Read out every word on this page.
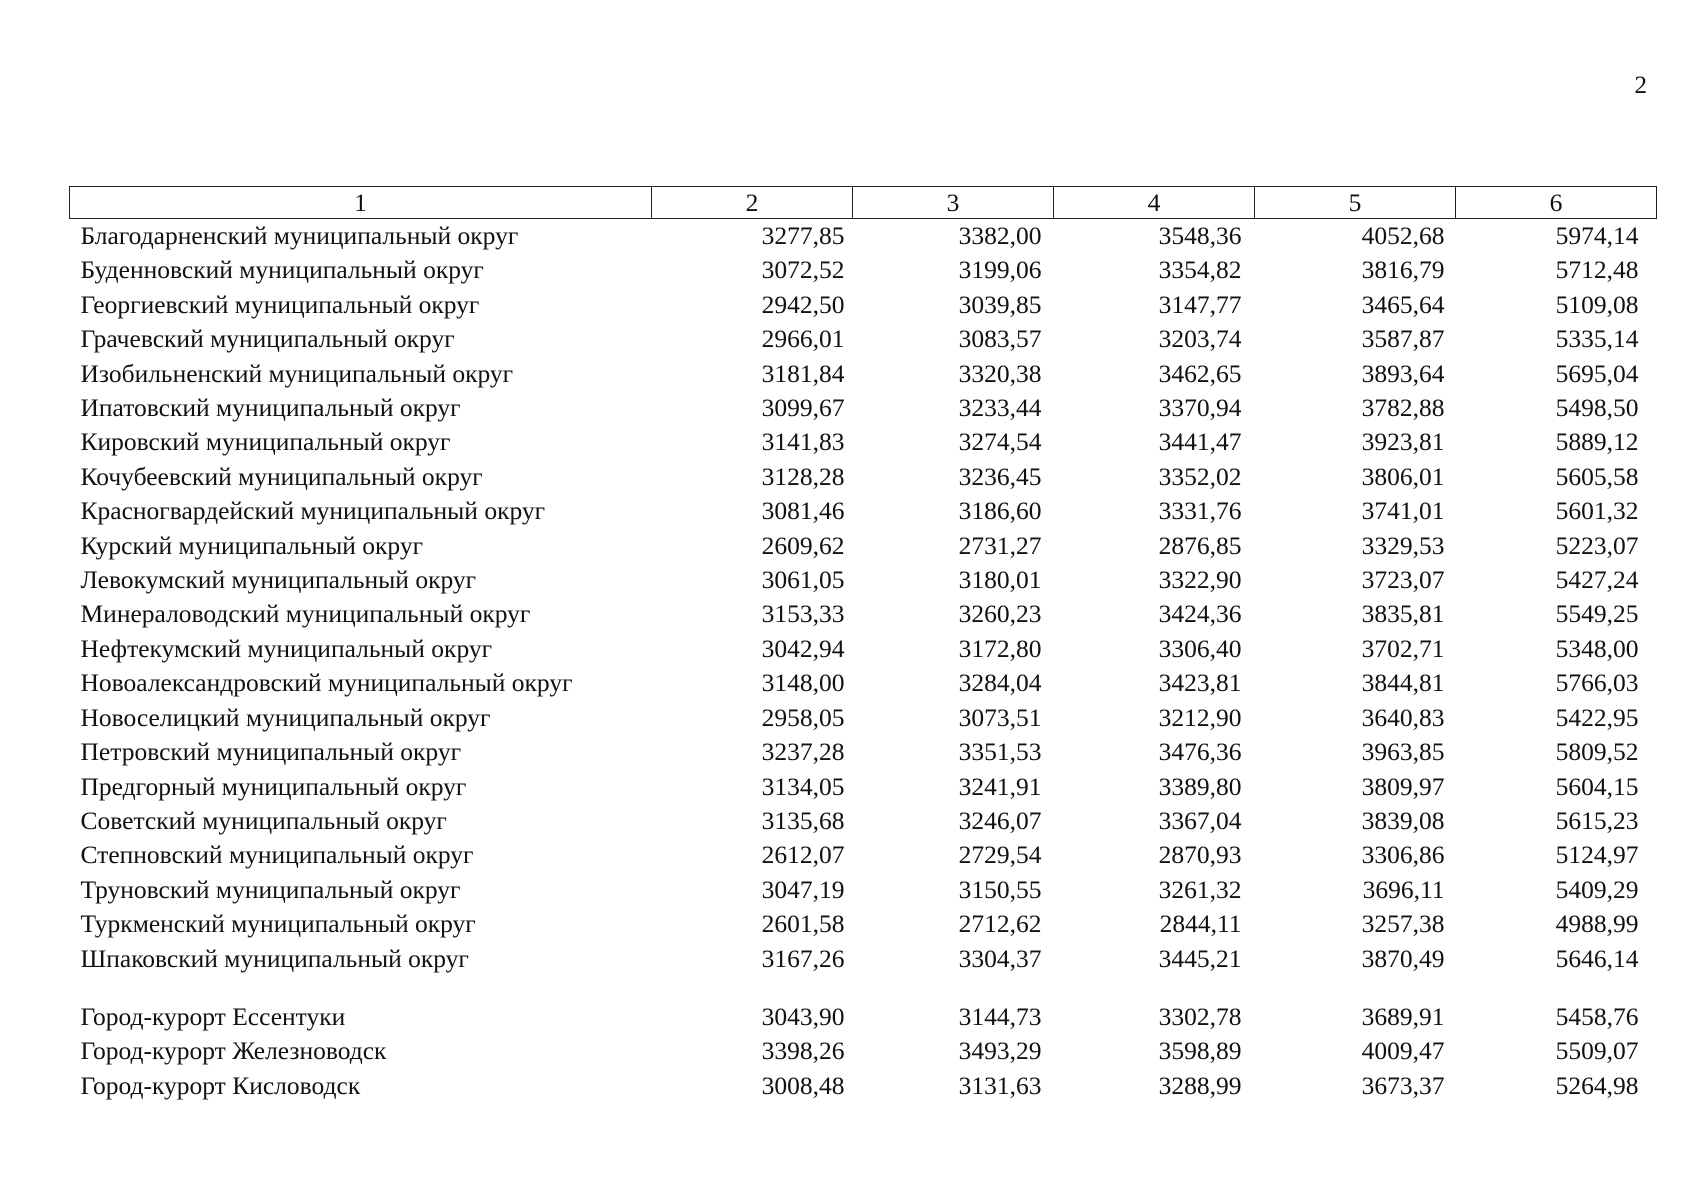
2
1	2	3	4	5	6
Благодарненский муниципальный округ	3277,85	3382,00	3548,36	4052,68	5974,14
Буденновский муниципальный округ	3072,52	3199,06	3354,82	3816,79	5712,48
Георгиевский муниципальный округ	2942,50	3039,85	3147,77	3465,64	5109,08
Грачевский муниципальный округ	2966,01	3083,57	3203,74	3587,87	5335,14
Изобильненский муниципальный округ	3181,84	3320,38	3462,65	3893,64	5695,04
Ипатовский муниципальный округ	3099,67	3233,44	3370,94	3782,88	5498,50
Кировский муниципальный округ	3141,83	3274,54	3441,47	3923,81	5889,12
Кочубеевский муниципальный округ	3128,28	3236,45	3352,02	3806,01	5605,58
Красногвардейский муниципальный округ	3081,46	3186,60	3331,76	3741,01	5601,32
Курский муниципальный округ	2609,62	2731,27	2876,85	3329,53	5223,07
Левокумский муниципальный округ	3061,05	3180,01	3322,90	3723,07	5427,24
Минераловодский муниципальный округ	3153,33	3260,23	3424,36	3835,81	5549,25
Нефтекумский муниципальный округ	3042,94	3172,80	3306,40	3702,71	5348,00
Новоалександровский муниципальный округ	3148,00	3284,04	3423,81	3844,81	5766,03
Новоселицкий муниципальный округ	2958,05	3073,51	3212,90	3640,83	5422,95
Петровский муниципальный округ	3237,28	3351,53	3476,36	3963,85	5809,52
Предгорный муниципальный округ	3134,05	3241,91	3389,80	3809,97	5604,15
Советский муниципальный округ	3135,68	3246,07	3367,04	3839,08	5615,23
Степновский муниципальный округ	2612,07	2729,54	2870,93	3306,86	5124,97
Труновский муниципальный округ	3047,19	3150,55	3261,32	3696,11	5409,29
Туркменский муниципальный округ	2601,58	2712,62	2844,11	3257,38	4988,99
Шпаковский муниципальный округ	3167,26	3304,37	3445,21	3870,49	5646,14

Город-курорт Ессентуки	3043,90	3144,73	3302,78	3689,91	5458,76
Город-курорт Железноводск	3398,26	3493,29	3598,89	4009,47	5509,07
Город-курорт Кисловодск	3008,48	3131,63	3288,99	3673,37	5264,98
